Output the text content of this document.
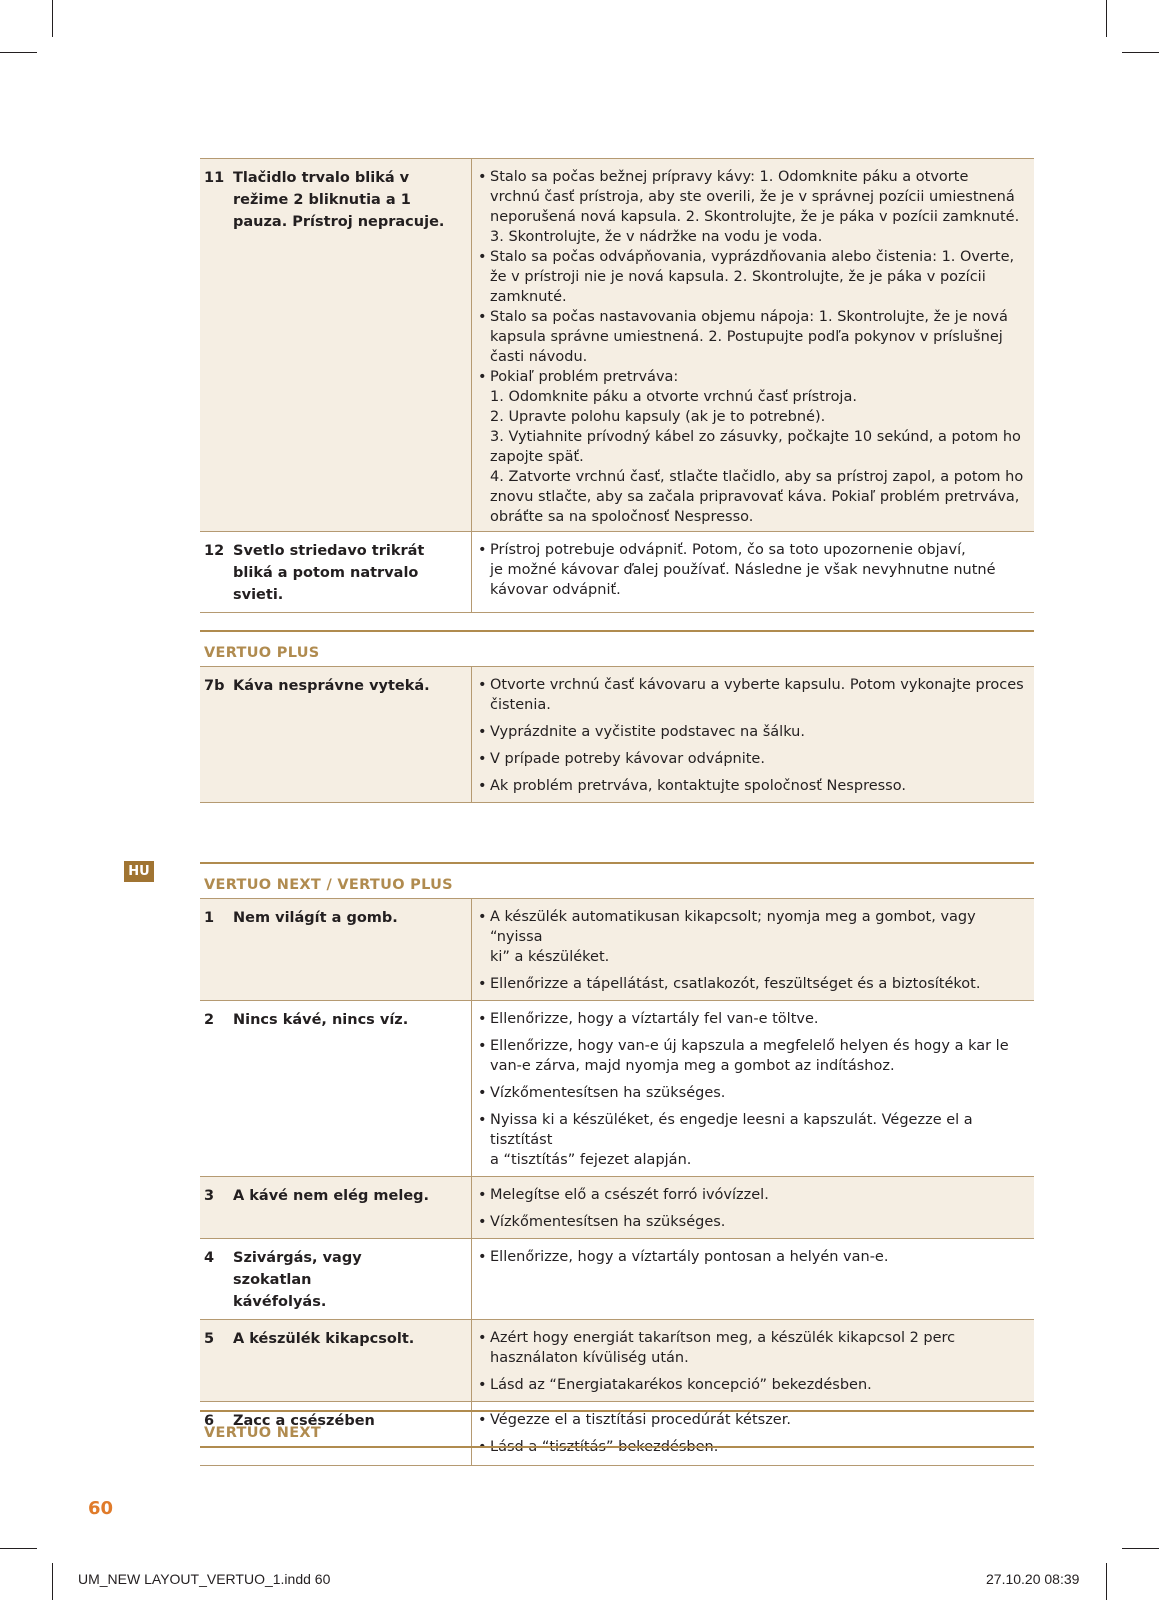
11 Tlačidlo trvalo bliká v režime 2 bliknutia a 1 pauza. Prístroj nepracuje.
• Stalo sa počas bežnej prípravy kávy: 1. Odomknite páku a otvorte
vrchnú časť prístroja, aby ste overili, že je v správnej pozícii umiestnená
neporušená nová kapsula. 2. Skontrolujte, že je páka v pozícii zamknuté.
3. Skontrolujte, že v nádržke na vodu je voda.
• Stalo sa počas odvápňovania, vyprázdňovania alebo čistenia: 1. Overte,
že v prístroji nie je nová kapsula. 2. Skontrolujte, že je páka v pozícii
zamknuté.
• Stalo sa počas nastavovania objemu nápoja: 1. Skontrolujte, že je nová
kapsula správne umiestnená. 2. Postupujte podľa pokynov v príslušnej
časti návodu.
• Pokiaľ problém pretrváva:
1. Odomknite páku a otvorte vrchnú časť prístroja.
2. Upravte polohu kapsuly (ak je to potrebné).
3. Vytiahnite prívodný kábel zo zásuvky, počkajte 10 sekúnd, a potom ho
zapojte späť.
4. Zatvorte vrchnú časť, stlačte tlačidlo, aby sa prístroj zapol, a potom ho
znovu stlačte, aby sa začala pripravovať káva. Pokiaľ problém pretrváva,
obráťte sa na spoločnosť Nespresso.
12 Svetlo striedavo trikrát bliká a potom natrvalo svieti.
• Prístroj potrebuje odvápniť. Potom, čo sa toto upozornenie objaví,
je možné kávovar ďalej používať. Následne je však nevyhnutne nutné
kávovar odvápniť.
VERTUO PLUS
7b Káva nesprávne vyteká.	• Otvorte vrchnú časť kávovaru a vyberte kapsulu. Potom vykonajte proces
čistenia.
• Vyprázdnite a vyčistite podstavec na šálku.
• V prípade potreby kávovar odvápnite.
• Ak problém pretrváva, kontaktujte spoločnosť Nespresso.
HU
VERTUO NEXT / VERTUO PLUS
1	Nem világít a gomb.	• A készülék automatikusan kikapcsolt; nyomja meg a gombot, vagy “nyissa
ki” a készüléket.
• Ellenőrizze a tápellátást, csatlakozót, feszültséget és a biztosítékot.
2	Nincs kávé, nincs víz.	• Ellenőrizze, hogy a víztartály fel van-e töltve.
• Ellenőrizze, hogy van-e új kapszula a megfelelő helyen és hogy a kar le
van-e zárva, majd nyomja meg a gombot az indításhoz.
• Vízkőmentesítsen ha szükséges.
• Nyissa ki a készüléket, és engedje leesni a kapszulát. Végezze el a tisztítást
a “tisztítás” fejezet alapján.
3	A kávé nem elég meleg.	• Melegítse elő a csészét forró ivóvízzel.
• Vízkőmentesítsen ha szükséges.
4	Szivárgás, vagy szokatlan kávéfolyás.
• Ellenőrizze, hogy a víztartály pontosan a helyén van-e.
5	A készülék kikapcsolt.	• Azért hogy energiát takarítson meg, a készülék kikapcsol 2 perc
használaton kívüliség után.
• Lásd az “Energiatakarékos koncepció” bekezdésben.
6	Zacc a csészében	• Végezze el a tisztítási procedúrát kétszer.
• Lásd a “tisztítás” bekezdésben.
VERTUO NEXT
60
UM_NEW LAYOUT_VERTUO_1.indd 60	27.10.20 08:39
